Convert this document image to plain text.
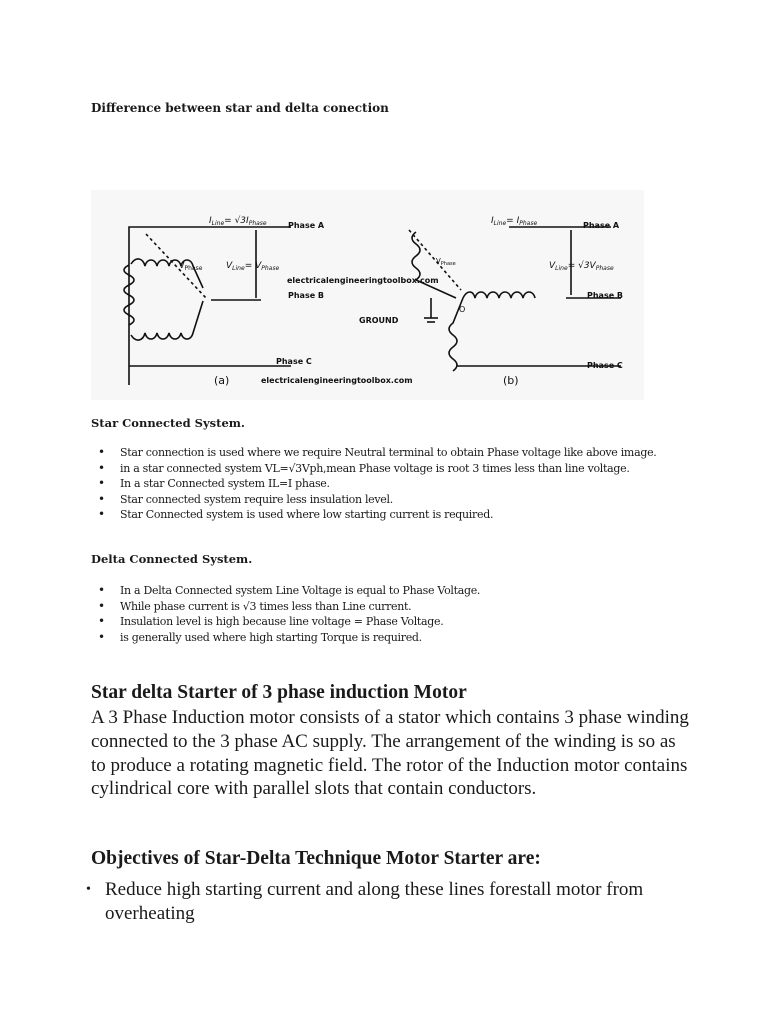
Difference between star and delta conection
$I_{Line}= √3I_{Phase}$	Phase A
$V_{Line}= V_{Phase}$
$V_{Phase}$
Phase B
Phase C
(a)	electricalengineeringtoolbox.com
electricalengineeringtoolbox.com
$I_{Line}= I_{Phase}$	Phase A
$V_{Line}= √3V_{Phase}$
$V_{Phase}$
Phase B
GROUND
O
Phase C
(b)
Star Connected System.
• Star connection is used where we require Neutral terminal to obtain Phase voltage like above image.
• in a star connected system VL=√3Vph,mean Phase voltage is root 3 times less than line voltage.
• In a star Connected system IL=I phase.
• Star connected system require less insulation level.
• Star Connected system is used where low starting current is required.
Delta Connected System.
• In a Delta Connected system Line Voltage is equal to Phase Voltage.
• While phase current is √3 times less than Line current.
• Insulation level is high because line voltage = Phase Voltage.
• is generally used where high starting Torque is required.
Star delta Starter of 3 phase induction Motor
A 3 Phase Induction motor consists of a stator which contains 3 phase winding connected to the 3 phase AC supply. The arrangement of the winding is so as to produce a rotating magnetic field. The rotor of the Induction motor contains cylindrical core with parallel slots that contain conductors.
Objectives of Star-Delta Technique Motor Starter are:
• Reduce high starting current and along these lines forestall motor from overheating
